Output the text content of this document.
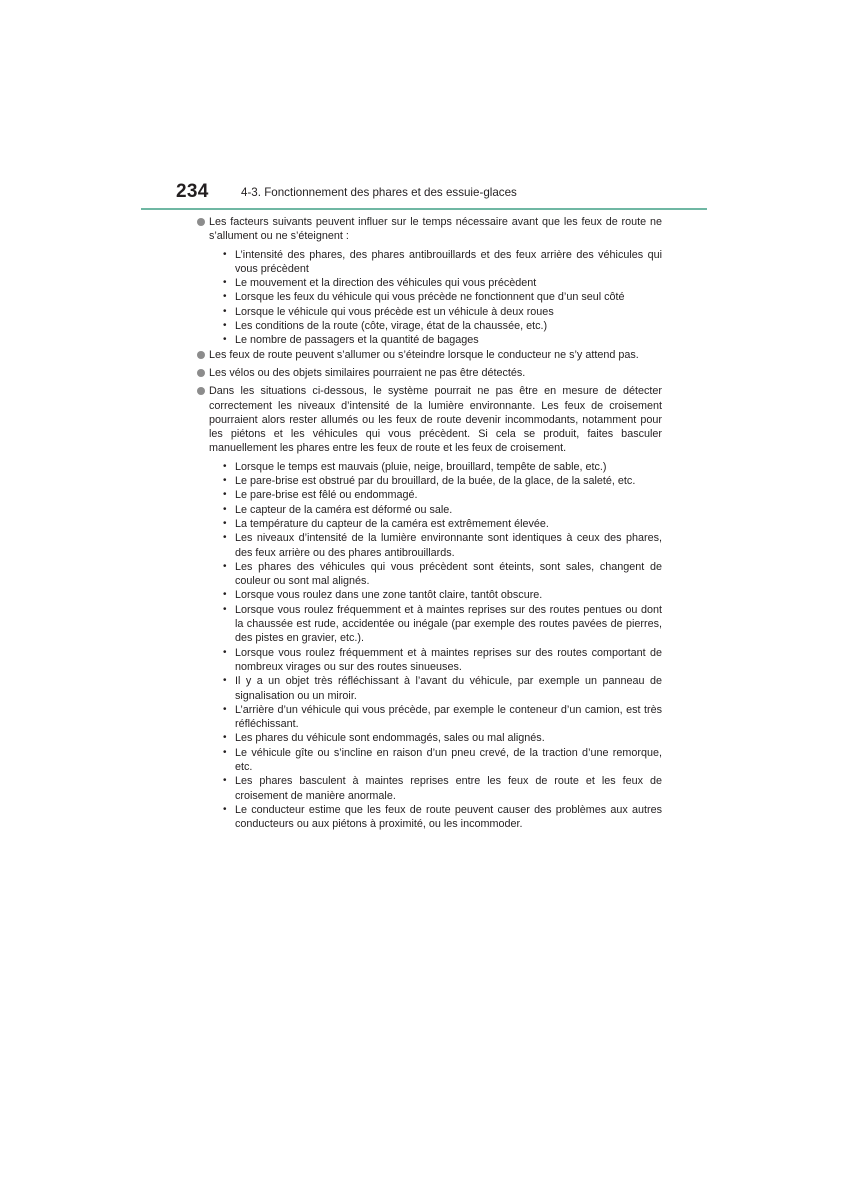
234	4-3. Fonctionnement des phares et des essuie-glaces
Les facteurs suivants peuvent influer sur le temps nécessaire avant que les feux de route ne s’allument ou ne s’éteignent :
• L’intensité des phares, des phares antibrouillards et des feux arrière des véhicules qui vous précèdent
• Le mouvement et la direction des véhicules qui vous précèdent
• Lorsque les feux du véhicule qui vous précède ne fonctionnent que d’un seul côté
• Lorsque le véhicule qui vous précède est un véhicule à deux roues
• Les conditions de la route (côte, virage, état de la chaussée, etc.)
• Le nombre de passagers et la quantité de bagages
Les feux de route peuvent s’allumer ou s’éteindre lorsque le conducteur ne s’y attend pas.
Les vélos ou des objets similaires pourraient ne pas être détectés.
Dans les situations ci-dessous, le système pourrait ne pas être en mesure de détecter correctement les niveaux d’intensité de la lumière environnante. Les feux de croisement pourraient alors rester allumés ou les feux de route devenir incommodants, notamment pour les piétons et les véhicules qui vous précèdent. Si cela se produit, faites basculer manuellement les phares entre les feux de route et les feux de croisement.
• Lorsque le temps est mauvais (pluie, neige, brouillard, tempête de sable, etc.)
• Le pare-brise est obstrué par du brouillard, de la buée, de la glace, de la saleté, etc.
• Le pare-brise est fêlé ou endommagé.
• Le capteur de la caméra est déformé ou sale.
• La température du capteur de la caméra est extrêmement élevée.
• Les niveaux d’intensité de la lumière environnante sont identiques à ceux des phares, des feux arrière ou des phares antibrouillards.
• Les phares des véhicules qui vous précèdent sont éteints, sont sales, changent de couleur ou sont mal alignés.
• Lorsque vous roulez dans une zone tantôt claire, tantôt obscure.
• Lorsque vous roulez fréquemment et à maintes reprises sur des routes pentues ou dont la chaussée est rude, accidentée ou inégale (par exemple des routes pavées de pierres, des pistes en gravier, etc.).
• Lorsque vous roulez fréquemment et à maintes reprises sur des routes comportant de nombreux virages ou sur des routes sinueuses.
• Il y a un objet très réfléchissant à l’avant du véhicule, par exemple un panneau de signalisation ou un miroir.
• L’arrière d’un véhicule qui vous précède, par exemple le conteneur d’un camion, est très réfléchissant.
• Les phares du véhicule sont endommagés, sales ou mal alignés.
• Le véhicule gîte ou s’incline en raison d’un pneu crevé, de la traction d’une remorque, etc.
• Les phares basculent à maintes reprises entre les feux de route et les feux de croisement de manière anormale.
• Le conducteur estime que les feux de route peuvent causer des problèmes aux autres conducteurs ou aux piétons à proximité, ou les incommoder.
